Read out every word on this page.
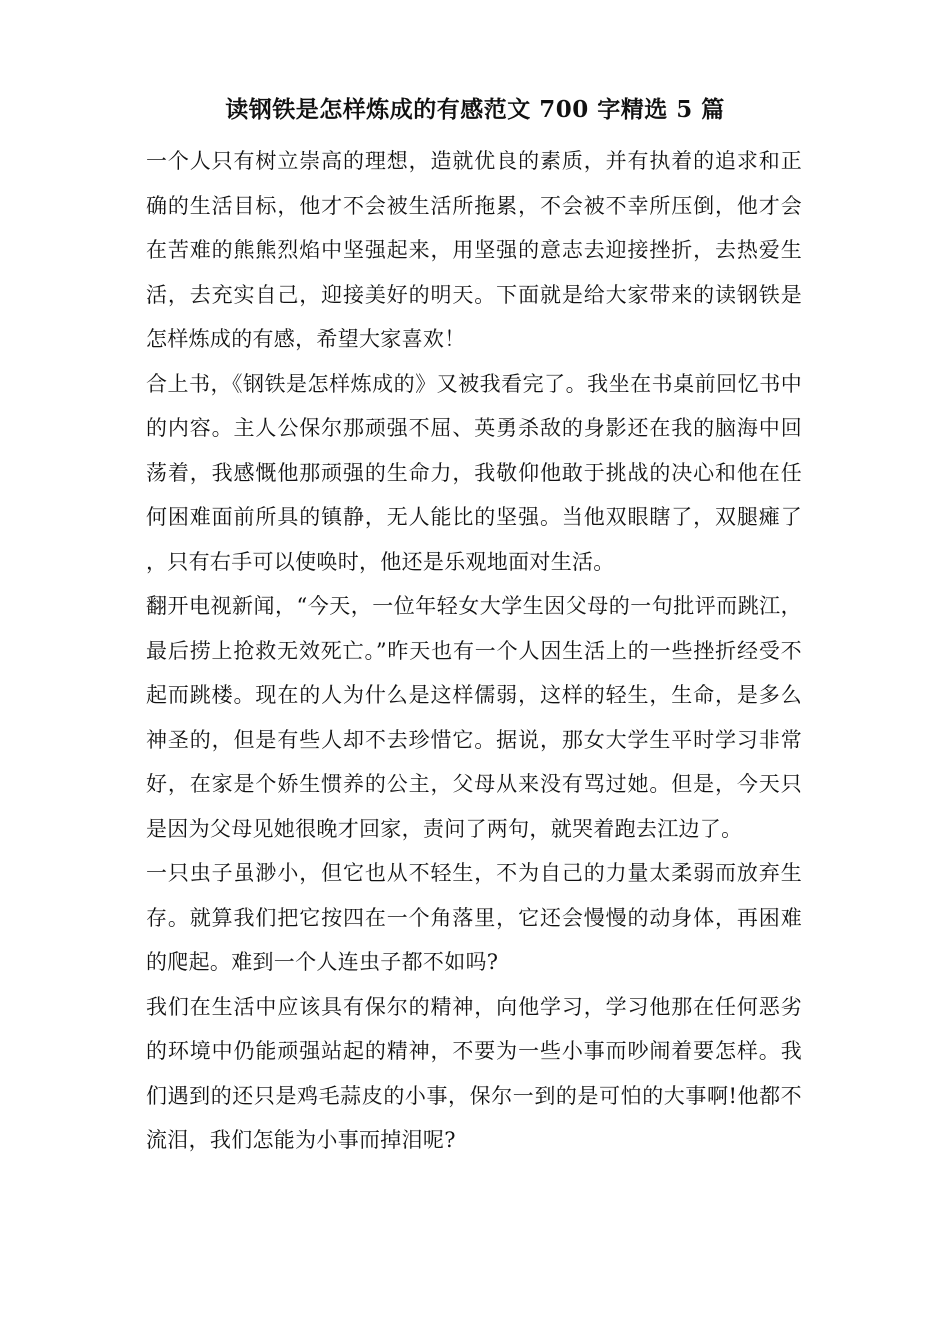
读钢铁是怎样炼成的有感范文 700 字精选 5 篇

一个人只有树立崇高的理想，造就优良的素质，并有执着的追求和正确的生活目标，他才不会被生活所拖累，不会被不幸所压倒，他才会在苦难的熊熊烈焰中坚强起来，用坚强的意志去迎接挫折，去热爱生活，去充实自己，迎接美好的明天。下面就是给大家带来的读钢铁是怎样炼成的有感，希望大家喜欢！

合上书，《钢铁是怎样炼成的》又被我看完了。我坐在书桌前回忆书中的内容。主人公保尔那顽强不屈、英勇杀敌的身影还在我的脑海中回荡着，我感慨他那顽强的生命力，我敬仰他敢于挑战的决心和他在任何困难面前所具的镇静，无人能比的坚强。当他双眼瞎了，双腿瘫了，只有右手可以使唤时，他还是乐观地面对生活。

翻开电视新闻，“今天，一位年轻女大学生因父母的一句批评而跳江，最后捞上抢救无效死亡。”昨天也有一个人因生活上的一些挫折经受不起而跳楼。现在的人为什么是这样儒弱，这样的轻生，生命，是多么神圣的，但是有些人却不去珍惜它。据说，那女大学生平时学习非常好，在家是个娇生惯养的公主，父母从来没有骂过她。但是，今天只是因为父母见她很晚才回家，责问了两句，就哭着跑去江边了。

一只虫子虽渺小，但它也从不轻生，不为自己的力量太柔弱而放弃生存。就算我们把它按四在一个角落里，它还会慢慢的动身体，再困难的爬起。难到一个人连虫子都不如吗?

我们在生活中应该具有保尔的精神，向他学习，学习他那在任何恶劣的环境中仍能顽强站起的精神，不要为一些小事而吵闹着要怎样。我们遇到的还只是鸡毛蒜皮的小事，保尔一到的是可怕的大事啊!他都不流泪，我们怎能为小事而掉泪呢?
